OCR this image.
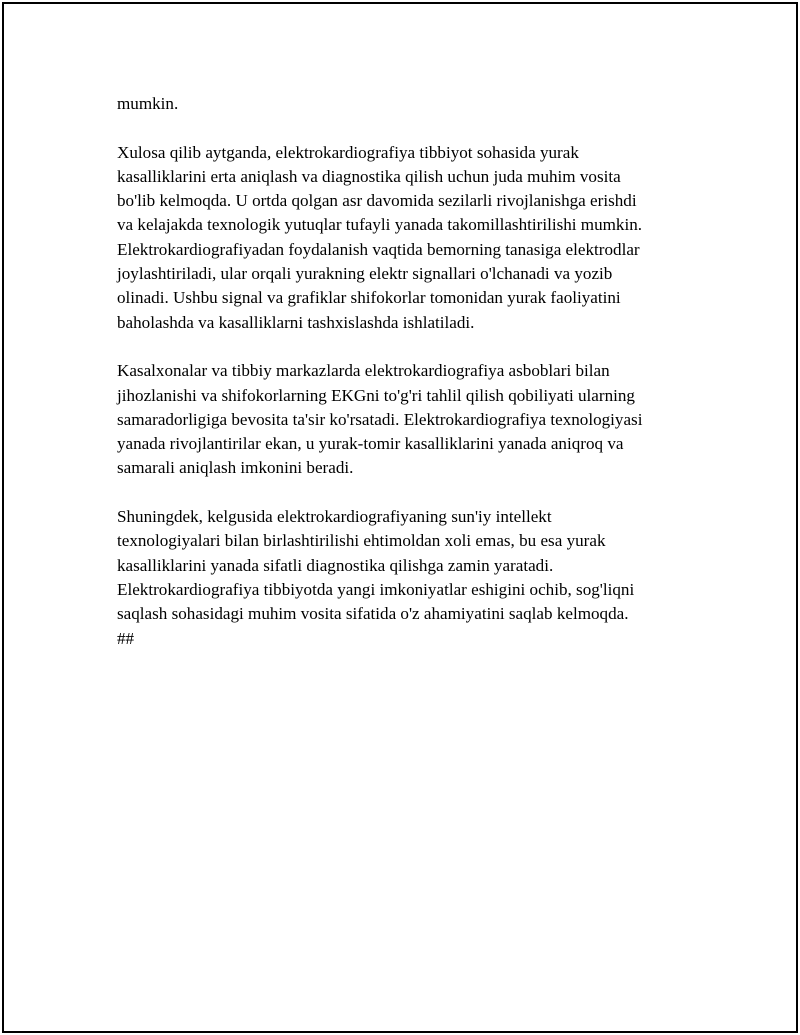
mumkin.

Xulosa qilib aytganda, elektrokardiografiya tibbiyot sohasida yurak
kasalliklarini erta aniqlash va diagnostika qilish uchun juda muhim vosita
bo'lib kelmoqda. U ortda qolgan asr davomida sezilarli rivojlanishga erishdi
va kelajakda texnologik yutuqlar tufayli yanada takomillashtirilishi mumkin.
Elektrokardiografiyadan foydalanish vaqtida bemorning tanasiga elektrodlar
joylashtiriladi, ular orqali yurakning elektr signallari o'lchanadi va yozib
olinadi. Ushbu signal va grafiklar shifokorlar tomonidan yurak faoliyatini
baholashda va kasalliklarni tashxislashda ishlatiladi.

Kasalxonalar va tibbiy markazlarda elektrokardiografiya asboblari bilan
jihozlanishi va shifokorlarning EKGni to'g'ri tahlil qilish qobiliyati ularning
samaradorligiga bevosita ta'sir ko'rsatadi. Elektrokardiografiya texnologiyasi
yanada rivojlantirilar ekan, u yurak-tomir kasalliklarini yanada aniqroq va
samarali aniqlash imkonini beradi.

Shuningdek, kelgusida elektrokardiografiyaning sun'iy intellekt
texnologiyalari bilan birlashtirilishi ehtimoldan xoli emas, bu esa yurak
kasalliklarini yanada sifatli diagnostika qilishga zamin yaratadi.
Elektrokardiografiya tibbiyotda yangi imkoniyatlar eshigini ochib, sog'liqni
saqlash sohasidagi muhim vosita sifatida o'z ahamiyatini saqlab kelmoqda.
##
